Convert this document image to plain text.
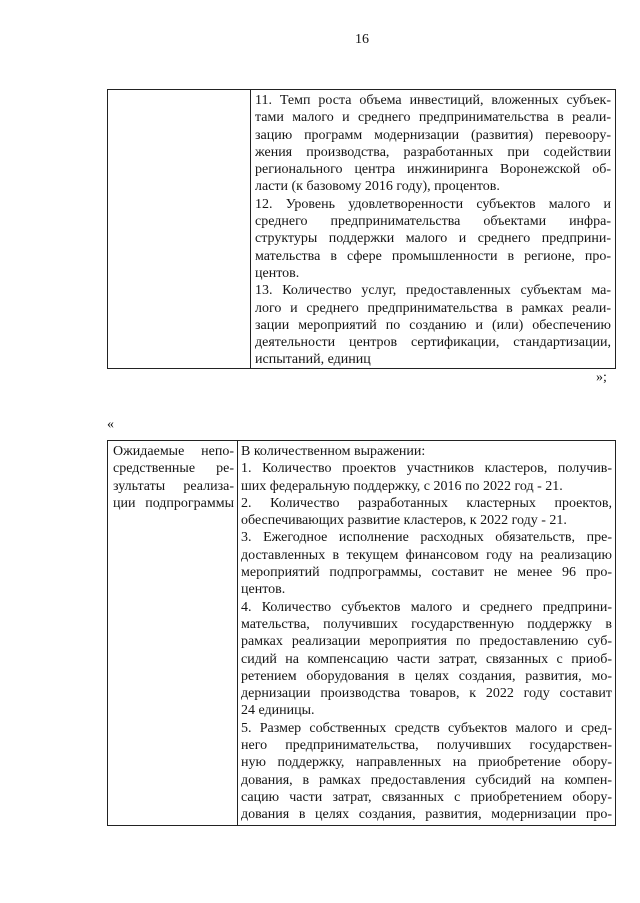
16
11. Темп роста объема инвестиций, вложенных субъек-
тами малого и среднего предпринимательства в реали-
зацию программ модернизации (развития) перевоору-
жения производства, разработанных при содействии
регионального центра инжиниринга Воронежской об-
ласти (к базовому 2016 году), процентов.
12. Уровень удовлетворенности субъектов малого и
среднего предпринимательства объектами инфра-
структуры поддержки малого и среднего предприни-
мательства в сфере промышленности в регионе, про-
центов.
13. Количество услуг, предоставленных субъектам ма-
лого и среднего предпринимательства в рамках реали-
зации мероприятий по созданию и (или) обеспечению
деятельности центров сертификации, стандартизации,
испытаний, единиц
»;
«
Ожидаемые непо-
средственные ре-
зультаты реализа-
ции подпрограммы
В количественном выражении:
1. Количество проектов участников кластеров, получив-
ших федеральную поддержку, с 2016 по 2022 год - 21.
2. Количество разработанных кластерных проектов,
обеспечивающих развитие кластеров, к 2022 году - 21.
3. Ежегодное исполнение расходных обязательств, пре-
доставленных в текущем финансовом году на реализацию
мероприятий подпрограммы, составит не менее 96 про-
центов.
4. Количество субъектов малого и среднего предприни-
мательства, получивших государственную поддержку в
рамках реализации мероприятия по предоставлению суб-
сидий на компенсацию части затрат, связанных с приоб-
ретением оборудования в целях создания, развития, мо-
дернизации производства товаров, к 2022 году составит
24 единицы.
5. Размер собственных средств субъектов малого и сред-
него предпринимательства, получивших государствен-
ную поддержку, направленных на приобретение обору-
дования, в рамках предоставления субсидий на компен-
сацию части затрат, связанных с приобретением обору-
дования в целях создания, развития, модернизации про-
